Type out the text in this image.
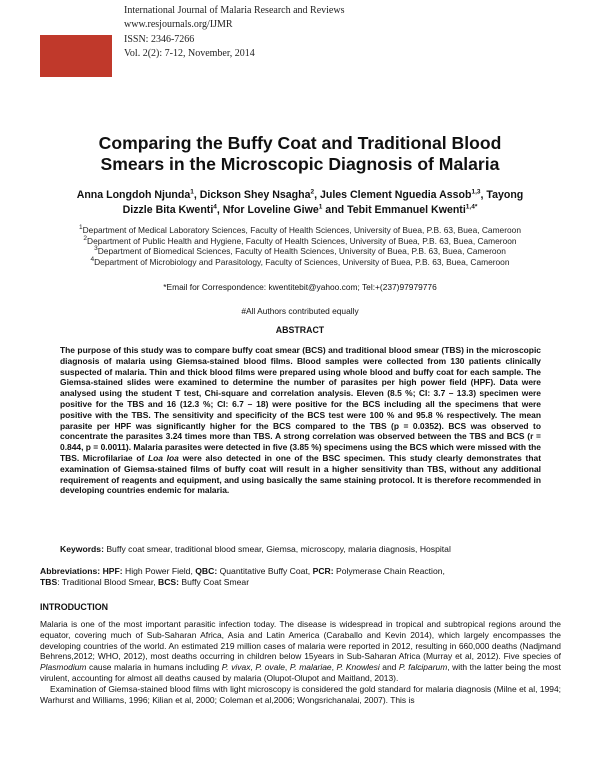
International Journal of Malaria Research and Reviews
www.resjournals.org/IJMR
ISSN: 2346-7266
Vol. 2(2): 7-12, November, 2014
Comparing the Buffy Coat and Traditional Blood
Smears in the Microscopic Diagnosis of Malaria
Anna Longdoh Njunda$^1$, Dickson Shey Nsagha$^2$, Jules Clement Nguedia Assob$^{1,3}$, Tayong
Dizzle Bita Kwenti$^4$, Nfor Loveline Giwe$^1$ and Tebit Emmanuel Kwenti$^{1,4*}$
$^1$Department of Medical Laboratory Sciences, Faculty of Health Sciences, University of Buea, P.B. 63, Buea, Cameroon
$^2$Department of Public Health and Hygiene, Faculty of Health Sciences, University of Buea, P.B. 63, Buea, Cameroon
$^3$Department of Biomedical Sciences, Faculty of Health Sciences, University of Buea, P.B. 63, Buea, Cameroon
$^4$Department of Microbiology and Parasitology, Faculty of Sciences, University of Buea, P.B. 63, Buea, Cameroon
*Email for Correspondence: kwentitebit@yahoo.com; Tel:+(237)97979776
#All Authors contributed equally
ABSTRACT
The purpose of this study was to compare buffy coat smear (BCS) and traditional blood smear (TBS) in the microscopic diagnosis of malaria using Giemsa-stained blood films. Blood samples were collected from 130 patients clinically suspected of malaria. Thin and thick blood films were prepared using whole blood and buffy coat for each sample. The Giemsa-stained slides were examined to determine the number of parasites per high power field (HPF). Data were analysed using the student T test, Chi-square and correlation analysis. Eleven (8.5 %; CI: 3.7 – 13.3) specimen were positive for the TBS and 16 (12.3 %; CI: 6.7 – 18) were positive for the BCS including all the specimens that were positive with the TBS. The sensitivity and specificity of the BCS test were 100 % and 95.8 % respectively. The mean parasite per HPF was significantly higher for the BCS compared to the TBS (p = 0.0352). BCS was observed to concentrate the parasites 3.24 times more than TBS. A strong correlation was observed between the TBS and BCS (r = 0.844, p = 0.0011). Malaria parasites were detected in five (3.85 %) specimens using the BCS which were missed with the TBS. Microfilariae of Loa loa were also detected in one of the BSC specimen. This study clearly demonstrates that examination of Giemsa-stained films of buffy coat will result in a higher sensitivity than TBS, without any additional requirement of reagents and equipment, and using basically the same staining protocol. It is therefore recommended in developing countries endemic for malaria.
Keywords: Buffy coat smear, traditional blood smear, Giemsa, microscopy, malaria diagnosis, Hospital
Abbreviations: HPF: High Power Field, QBC: Quantitative Buffy Coat, PCR: Polymerase Chain Reaction,
TBS: Traditional Blood Smear, BCS: Buffy Coat Smear
INTRODUCTION

Malaria is one of the most important parasitic infection today. The disease is widespread in tropical and subtropical regions around the equator, covering much of Sub-Saharan Africa, Asia and Latin America (Caraballo and Kevin 2014), which largely encompasses the developing countries of the world. An estimated 219 million cases of malaria were reported in 2012, resulting in 660,000 deaths (Nadjmand Behrens,2012; WHO, 2012), most deaths occurring in children below 15years in Sub-Saharan Africa (Murray et al, 2012). Five species of Plasmodium cause malaria in humans including P. vivax, P. ovale, P. malariae, P. Knowlesi and P. falciparum, with the latter being the most virulent, accounting for almost all deaths caused by malaria (Olupot-Olupot and Maitland, 2013).

Examination of Giemsa-stained blood films with light microscopy is considered the gold standard for malaria diagnosis (Milne et al, 1994; Warhurst and Williams, 1996; Kilian et al, 2000; Coleman et al,2006; Wongsrichanalai, 2007). This is
